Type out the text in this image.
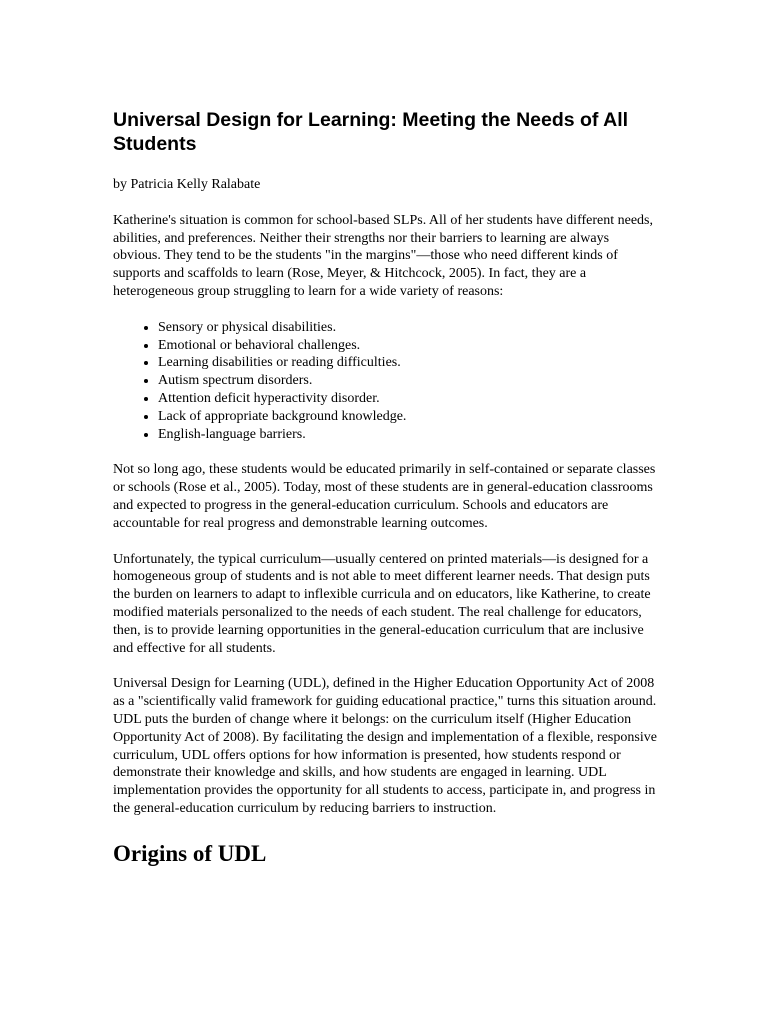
Universal Design for Learning: Meeting the Needs of All Students

by Patricia Kelly Ralabate

Katherine's situation is common for school-based SLPs. All of her students have different needs, abilities, and preferences. Neither their strengths nor their barriers to learning are always obvious. They tend to be the students "in the margins"—those who need different kinds of supports and scaffolds to learn (Rose, Meyer, & Hitchcock, 2005). In fact, they are a heterogeneous group struggling to learn for a wide variety of reasons:

• Sensory or physical disabilities.
• Emotional or behavioral challenges.
• Learning disabilities or reading difficulties.
• Autism spectrum disorders.
• Attention deficit hyperactivity disorder.
• Lack of appropriate background knowledge.
• English-language barriers.

Not so long ago, these students would be educated primarily in self-contained or separate classes or schools (Rose et al., 2005). Today, most of these students are in general-education classrooms and expected to progress in the general-education curriculum. Schools and educators are accountable for real progress and demonstrable learning outcomes.

Unfortunately, the typical curriculum—usually centered on printed materials—is designed for a homogeneous group of students and is not able to meet different learner needs. That design puts the burden on learners to adapt to inflexible curricula and on educators, like Katherine, to create modified materials personalized to the needs of each student. The real challenge for educators, then, is to provide learning opportunities in the general-education curriculum that are inclusive and effective for all students.

Universal Design for Learning (UDL), defined in the Higher Education Opportunity Act of 2008 as a "scientifically valid framework for guiding educational practice," turns this situation around. UDL puts the burden of change where it belongs: on the curriculum itself (Higher Education Opportunity Act of 2008). By facilitating the design and implementation of a flexible, responsive curriculum, UDL offers options for how information is presented, how students respond or demonstrate their knowledge and skills, and how students are engaged in learning. UDL implementation provides the opportunity for all students to access, participate in, and progress in the general-education curriculum by reducing barriers to instruction.

Origins of UDL
